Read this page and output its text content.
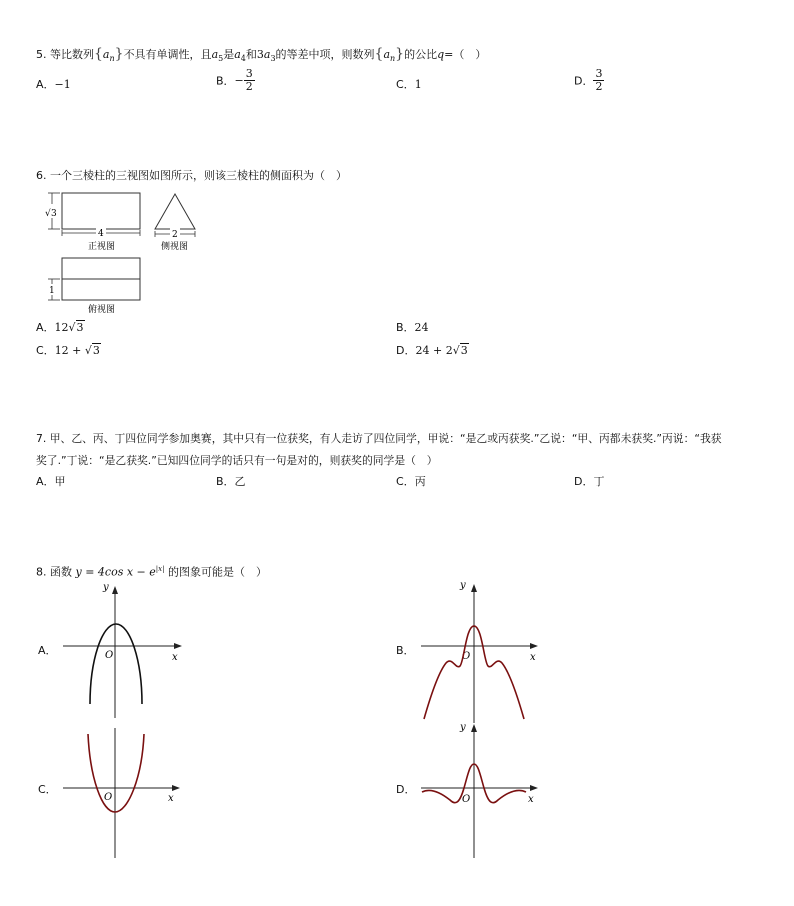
5. 等比数列$\{a_n\}$不具有单调性，且$a_5$是$a_4$和$3a_3$的等差中项，则数列$\{a_n\}$的公比q=（　）
A．−1	B．− $\frac{3}{2}$	C．1	D． $\frac{3}{2}$
6. 一个三棱柱的三视图如图所示，则该三棱柱的侧面积为（　）
√ 3
4
正视图
2
侧视图
1
俯视图
A．12√3	B．24
C．12 + √3	D．24 + 2√3
7. 甲、乙、丙、丁四位同学参加奥赛，其中只有一位获奖，有人走访了四位同学，甲说：“是乙或丙获奖.”乙说：“甲、丙都未获奖.”丙说：“我获
奖了.”丁说：“是乙获奖.”已知四位同学的话只有一句是对的，则获奖的同学是（　）
A．甲	B．乙	C．丙	D．丁
8. 函数 y = 4cos $x - e^{|x|}$ 的图象可能是（　）
A．	B．
C．	D．
y
x
O
y
x
O
x
O
y
x
O
